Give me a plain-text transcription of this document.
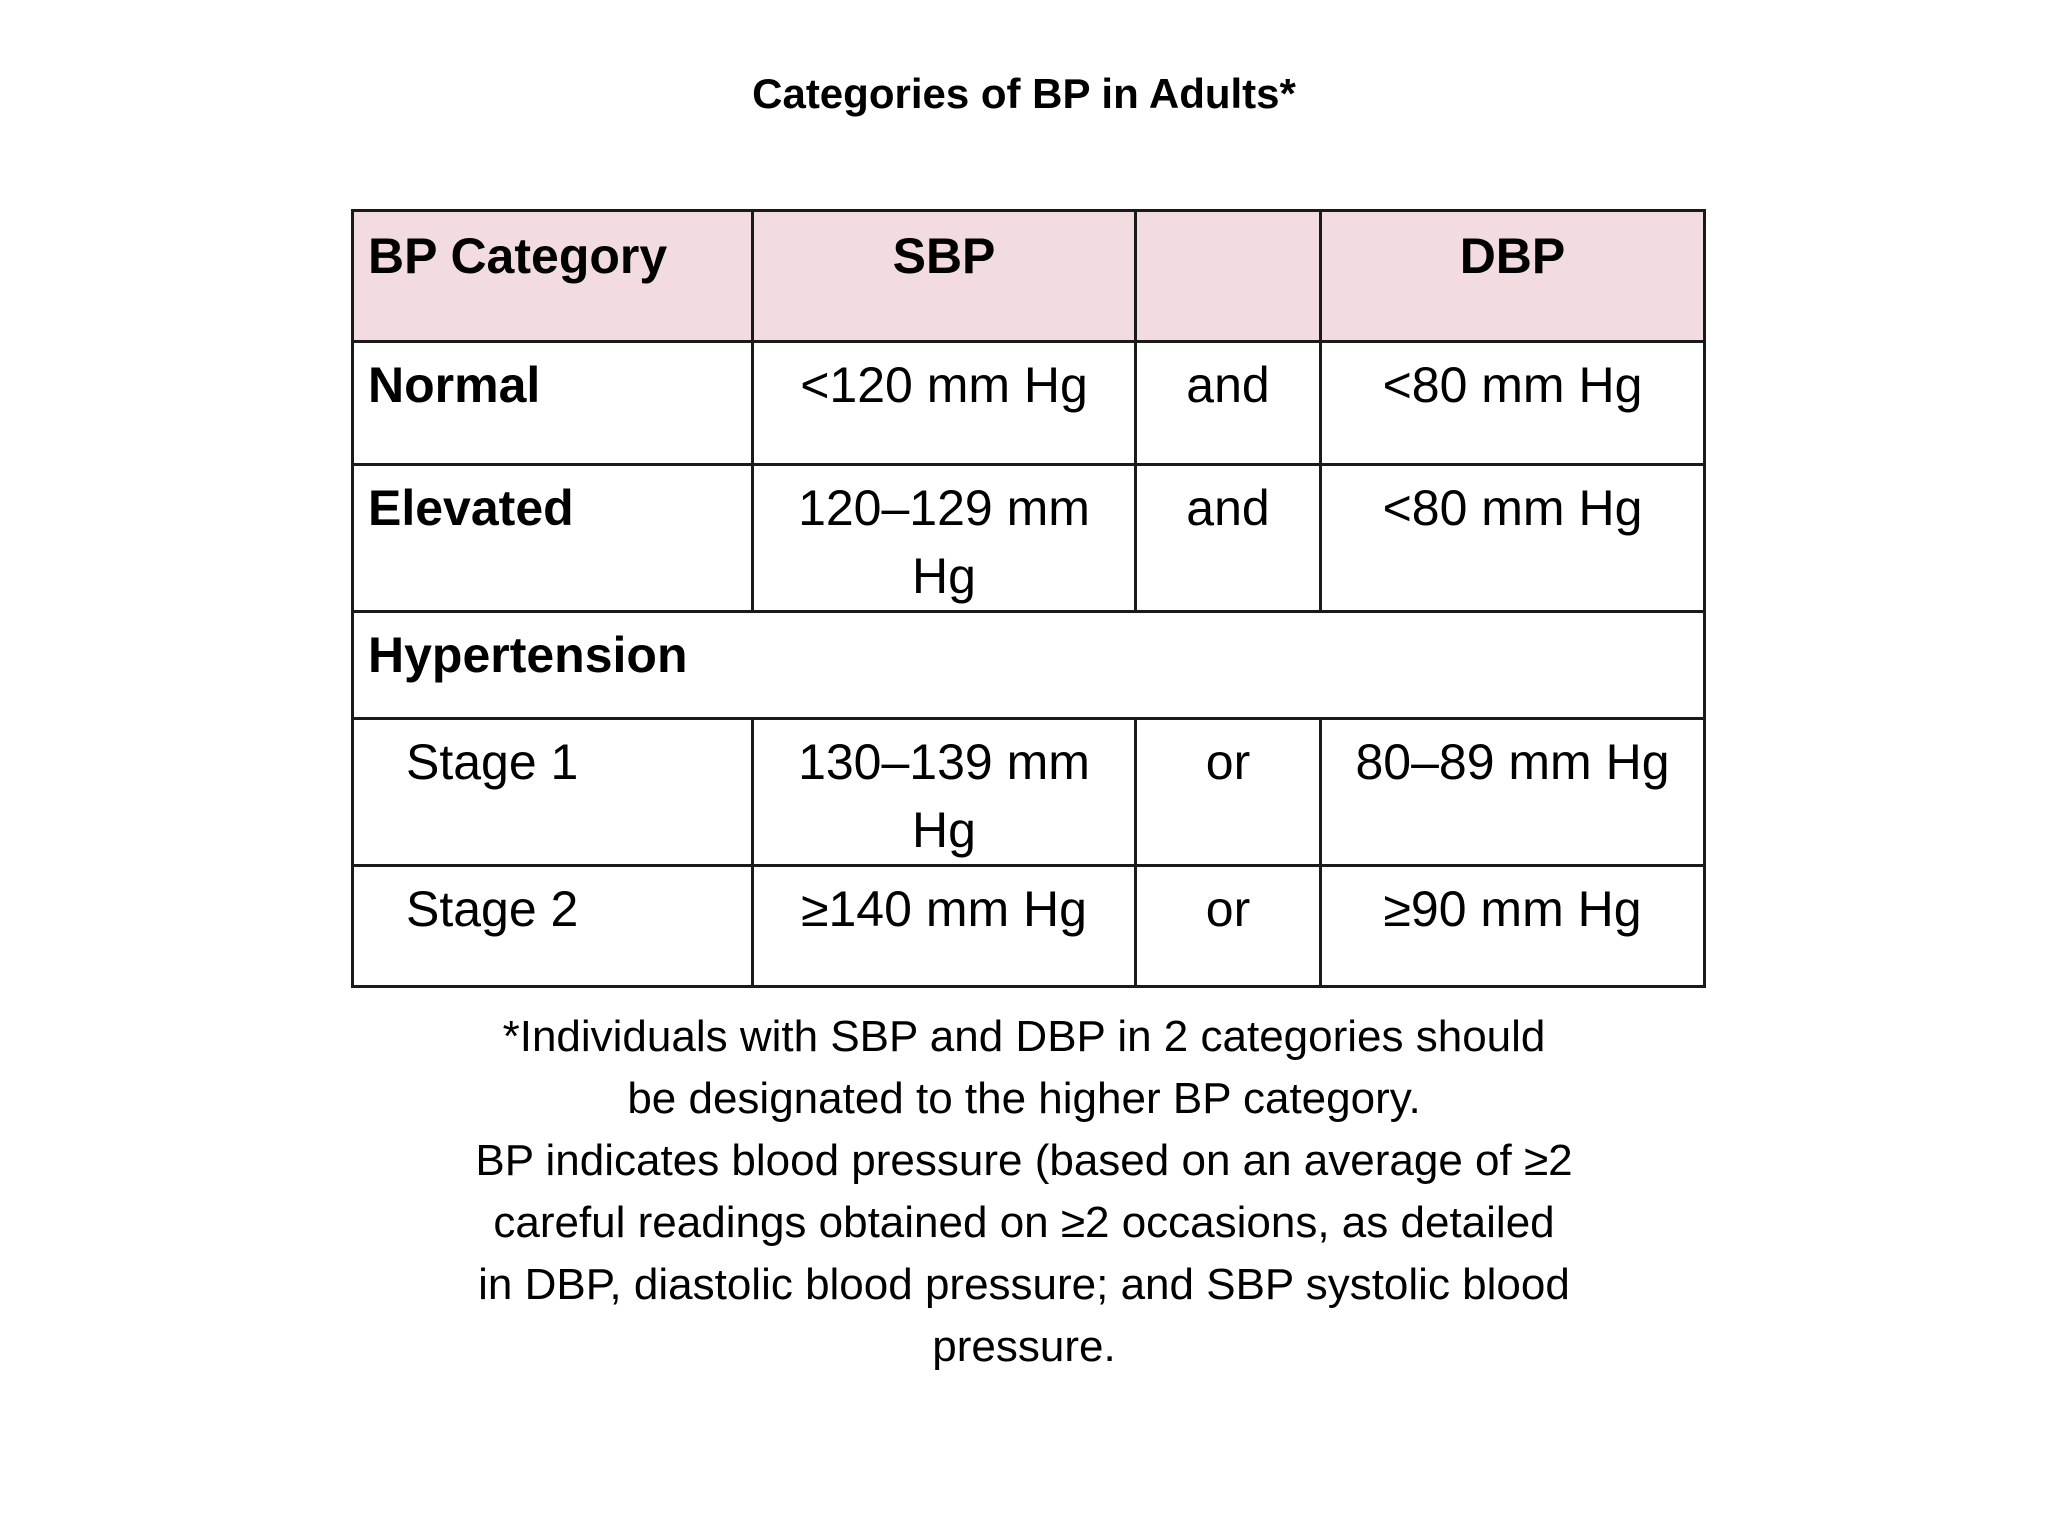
Categories of BP in Adults*
BP Category	SBP		DBP
Normal	<120 mm Hg	and	<80 mm Hg
Elevated	120–129 mm Hg	and	<80 mm Hg
Hypertension			
Stage 1	130–139 mm Hg	or	80–89 mm Hg
Stage 2	≥140 mm Hg	or	≥90 mm Hg

*Individuals with SBP and DBP in 2 categories should be designated to the higher BP category.

BP indicates blood pressure (based on an average of ≥2 careful readings obtained on ≥2 occasions, as detailed in DBP, diastolic blood pressure; and SBP systolic blood pressure.
